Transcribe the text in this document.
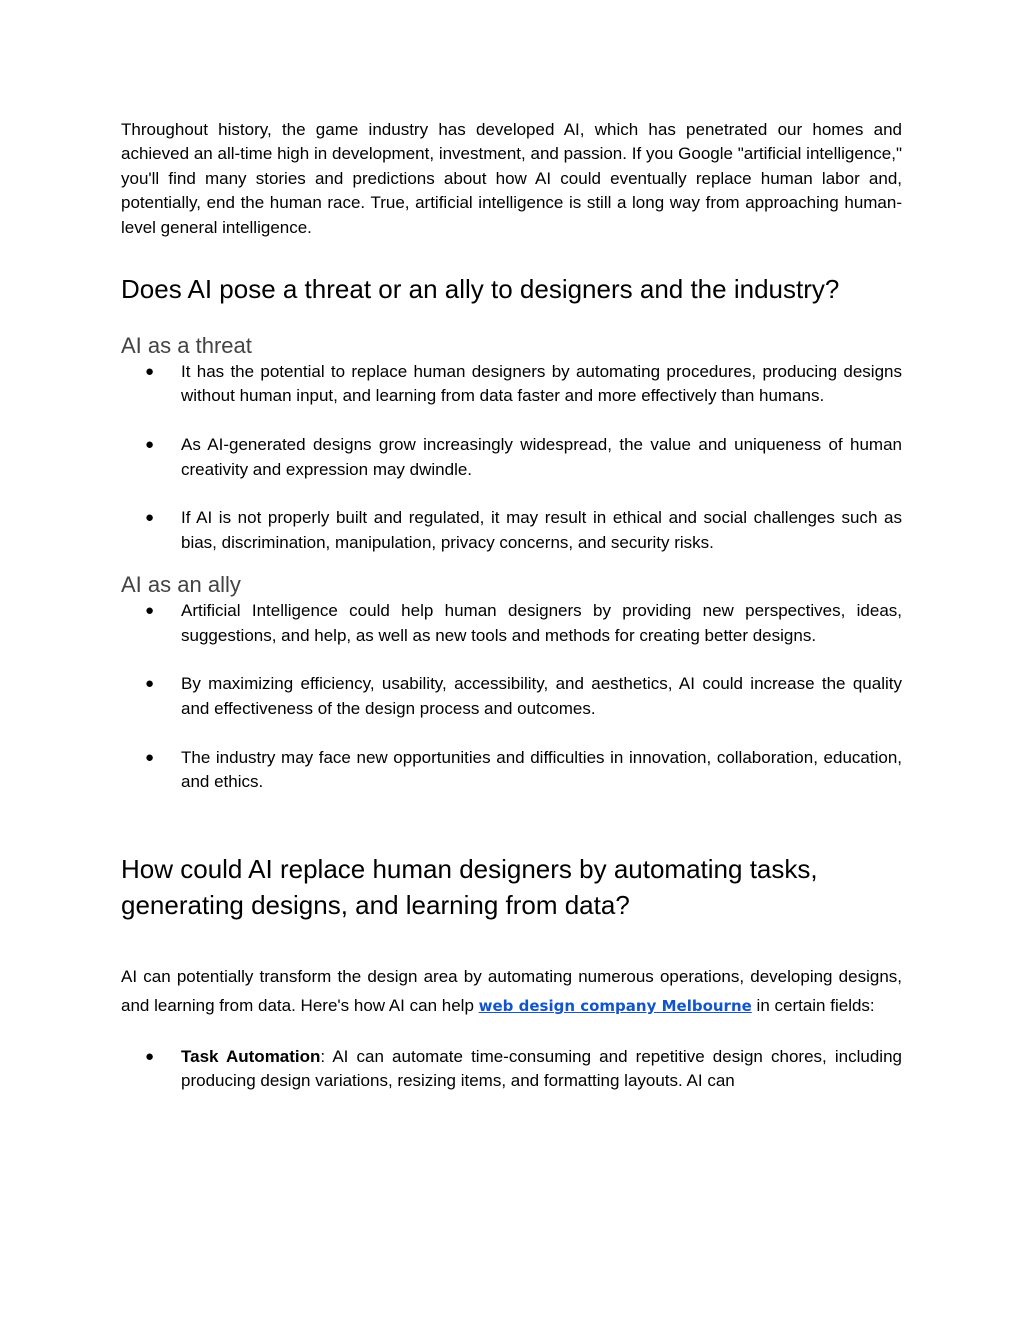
Throughout history, the game industry has developed AI, which has penetrated our homes and achieved an all-time high in development, investment, and passion. If you Google "artificial intelligence," you'll find many stories and predictions about how AI could eventually replace human labor and, potentially, end the human race. True, artificial intelligence is still a long way from approaching human-level general intelligence.

Does AI pose a threat or an ally to designers and the industry?
AI as a threat
● It has the potential to replace human designers by automating procedures, producing designs without human input, and learning from data faster and more effectively than humans.
● As AI-generated designs grow increasingly widespread, the value and uniqueness of human creativity and expression may dwindle.
● If AI is not properly built and regulated, it may result in ethical and social challenges such as bias, discrimination, manipulation, privacy concerns, and security risks.
AI as an ally
● Artificial Intelligence could help human designers by providing new perspectives, ideas, suggestions, and help, as well as new tools and methods for creating better designs.
● By maximizing efficiency, usability, accessibility, and aesthetics, AI could increase the quality and effectiveness of the design process and outcomes.
● The industry may face new opportunities and difficulties in innovation, collaboration, education, and ethics.
How could AI replace human designers by automating tasks, generating designs, and learning from data?

AI can potentially transform the design area by automating numerous operations, developing designs, and learning from data. Here's how AI can help web design company Melbourne in certain fields:

● Task Automation: AI can automate time-consuming and repetitive design chores, including producing design variations, resizing items, and formatting layouts. AI can
